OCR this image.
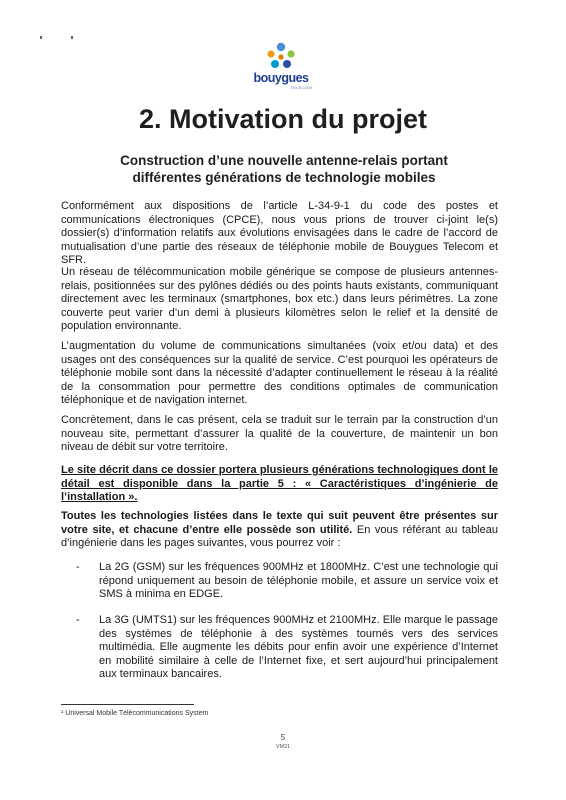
bouygues
TELECOM
2. Motivation du projet
Construction d’une nouvelle antenne-relais portant différentes générations de technologie mobiles

Conformément aux dispositions de l’article L-34-9-1 du code des postes et communications électroniques (CPCE), nous vous prions de trouver ci-joint le(s) dossier(s) d’information relatifs aux évolutions envisagées dans le cadre de l’accord de mutualisation d’une partie des réseaux de téléphonie mobile de Bouygues Telecom et SFR.

Un réseau de télécommunication mobile générique se compose de plusieurs antennes-relais, positionnées sur des pylônes dédiés ou des points hauts existants, communiquant directement avec les terminaux (smartphones, box etc.) dans leurs périmètres. La zone couverte peut varier d’un demi à plusieurs kilomètres selon le relief et la densité de population environnante.

L’augmentation du volume de communications simultanées (voix et/ou data) et des usages ont des conséquences sur la qualité de service. C’est pourquoi les opérateurs de téléphonie mobile sont dans la nécessité d’adapter continuellement le réseau à la réalité de la consommation pour permettre des conditions optimales de communication téléphonique et de navigation internet.

Concrètement, dans le cas présent, cela se traduit sur le terrain par la construction d’un nouveau site, permettant d’assurer la qualité de la couverture, de maintenir un bon niveau de débit sur votre territoire.

Le site décrit dans ce dossier portera plusieurs générations technologiques dont le détail est disponible dans la partie 5 : « Caractéristiques d’ingénierie de l’installation ».

Toutes les technologies listées dans le texte qui suit peuvent être présentes sur votre site, et chacune d’entre elle possède son utilité. En vous référant au tableau d’ingénierie dans les pages suivantes, vous pourrez voir :

- La 2G (GSM) sur les fréquences 900MHz et 1800MHz. C’est une technologie qui répond uniquement au besoin de téléphonie mobile, et assure un service voix et SMS à minima en EDGE.
- La 3G (UMTS1) sur les fréquences 900MHz et 2100MHz. Elle marque le passage des systèmes de téléphonie à des systèmes tournés vers des services multimédia. Elle augmente les débits pour enfin avoir une expérience d’Internet en mobilité similaire à celle de l’Internet fixe, et sert aujourd’hui principalement aux terminaux bancaires.
¹ Universal Mobile Télécommunications System
5
VM21
